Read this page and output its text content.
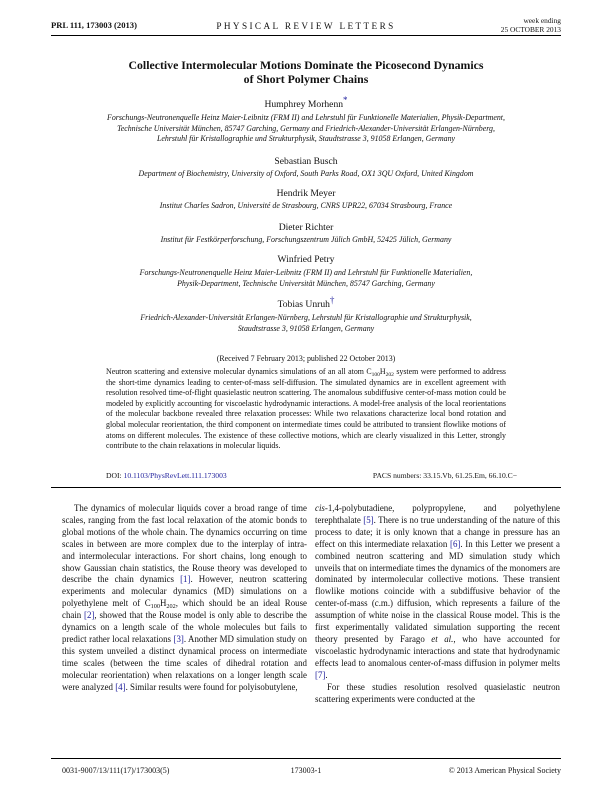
PRL 111, 173003 (2013)	PHYSICAL REVIEW LETTERS
week ending
25 OCTOBER 2013
Collective Intermolecular Motions Dominate the Picosecond Dynamics
of Short Polymer Chains
Humphrey Morhenn*
Forschungs-Neutronenquelle Heinz Maier-Leibnitz (FRM II) and Lehrstuhl für Funktionelle Materialien, Physik-Department,
Technische Universität München, 85747 Garching, Germany and Friedrich-Alexander-Universität Erlangen-Nürnberg,
Lehrstuhl für Kristallographie und Strukturphysik, Staudtstrasse 3, 91058 Erlangen, Germany
Sebastian Busch
Department of Biochemistry, University of Oxford, South Parks Road, OX1 3QU Oxford, United Kingdom
Hendrik Meyer
Institut Charles Sadron, Université de Strasbourg, CNRS UPR22, 67034 Strasbourg, France
Dieter Richter
Institut für Festkörperforschung, Forschungszentrum Jülich GmbH, 52425 Jülich, Germany
Winfried Petry
Forschungs-Neutronenquelle Heinz Maier-Leibnitz (FRM II) and Lehrstuhl für Funktionelle Materialien,
Physik-Department, Technische Universität München, 85747 Garching, Germany
Tobias Unruh†
Friedrich-Alexander-Universität Erlangen-Nürnberg, Lehrstuhl für Kristallographie und Strukturphysik,
Staudtstrasse 3, 91058 Erlangen, Germany
(Received 7 February 2013; published 22 October 2013)
Neutron scattering and extensive molecular dynamics simulations of an all atom $C_{100}H_{202}$ system were performed to address the short-time dynamics leading to center-of-mass self-diffusion. The simulated dynamics are in excellent agreement with resolution resolved time-of-flight quasielastic neutron scattering. The anomalous subdiffusive center-of-mass motion could be modeled by explicitly accounting for viscoelastic hydrodynamic interactions. A model-free analysis of the local reorientations of the molecular backbone revealed three relaxation processes: While two relaxations characterize local bond rotation and global molecular reorientation, the third component on intermediate times could be attributed to transient flowlike motions of atoms on different molecules. The existence of these collective motions, which are clearly visualized in this Letter, strongly contribute to the chain relaxations in molecular liquids.
DOI: 10.1103/PhysRevLett.111.173003	PACS numbers: 33.15.Vb, 61.25.Em, 66.10.C−

The dynamics of molecular liquids cover a broad range of time scales, ranging from the fast local relaxation of the atomic bonds to global motions of the whole chain. The dynamics occurring on time scales in between are more complex due to the interplay of intra- and intermolecular interactions. For short chains, long enough to show Gaussian chain statistics, the Rouse theory was developed to describe the chain dynamics [1]. However, neutron scattering experiments and molecular dynamics (MD) simulations on a polyethylene melt of $C_{100}H_{202}$, which should be an ideal Rouse chain [2], showed that the Rouse model is only able to describe the dynamics on a length scale of the whole molecules but fails to predict rather local relaxations [3]. Another MD simulation study on this system unveiled a distinct dynamical process on intermediate time scales (between the time scales of dihedral rotation and molecular reorientation) when relaxations on a longer length scale were analyzed [4]. Similar results were found for polyisobutylene,

cis-1,4-polybutadiene, polypropylene, and polyethylene terephthalate [5]. There is no true understanding of the nature of this process to date; it is only known that a change in pressure has an effect on this intermediate relaxation [6]. In this Letter we present a combined neutron scattering and MD simulation study which unveils that on intermediate times the dynamics of the monomers are dominated by intermolecular collective motions. These transient flowlike motions coincide with a subdiffusive behavior of the center-of-mass (c.m.) diffusion, which represents a failure of the assumption of white noise in the classical Rouse model. This is the first experimentally validated simulation supporting the recent theory presented by Farago et al., who have accounted for viscoelastic hydrodynamic interactions and state that hydrodynamic effects lead to anomalous center-of-mass diffusion in polymer melts [7].

For these studies resolution resolved quasielastic neutron scattering experiments were conducted at the

0031-9007/13/111(17)/173003(5)	173003-1	© 2013 American Physical Society
